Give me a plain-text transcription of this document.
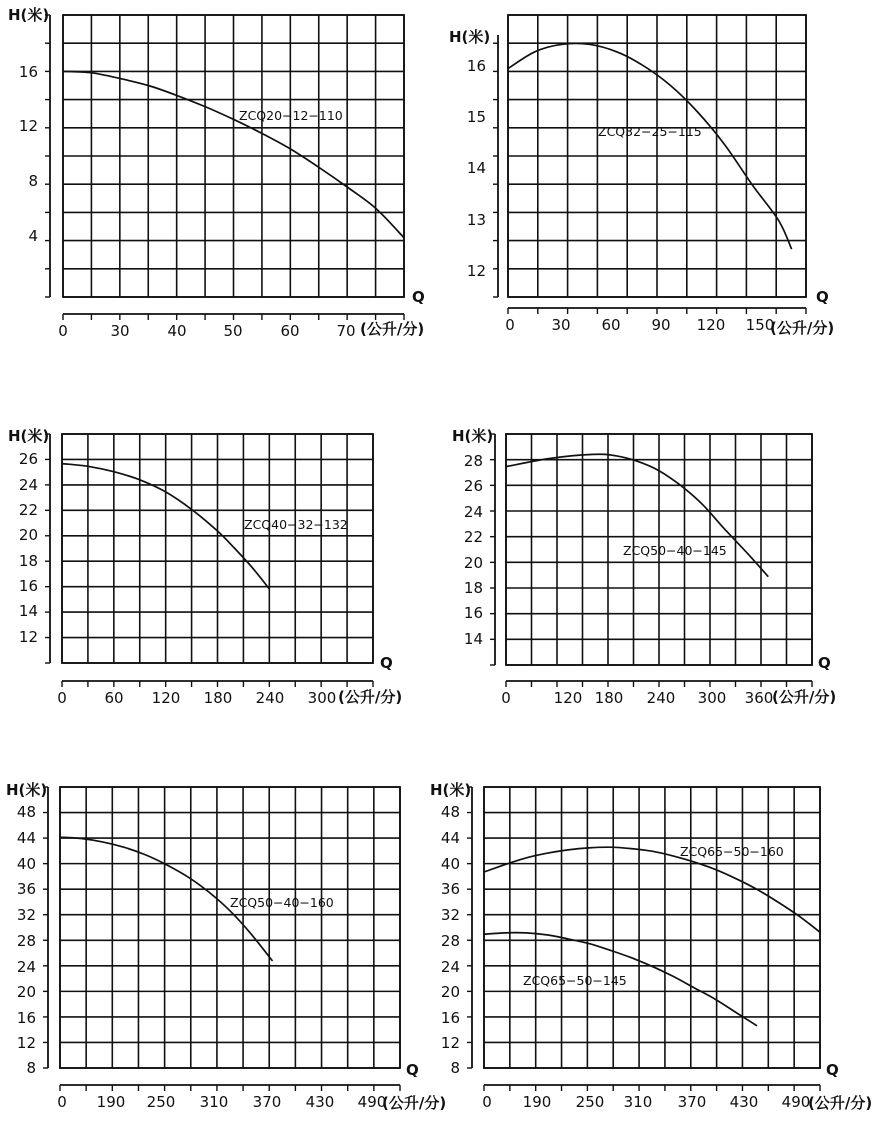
16
12
8
4
0	30	40 50	60 70
H(米)
Q
(公升/分)
ZCQ20−12−110
16
15
14
13
12
0 30 60 90 120 150
H(米)
Q
(公升/分)
ZCQ32−25−115
26
24
22
20
18
16
14
12
0	60 120 180 240 300
H(米)
Q
(公升/分)
ZCQ40−32−132
28
26
24
22
20
18
16
14
0	120 180 240 300 360
H(米)
Q
(公升/分)
ZCQ50−40−145
48
44
40
36
32
28
24
20
16
12
8
0 190 250 310 370 430 490
H(米)
Q
(公升/分)
ZCQ50−40−160
48
44
40
36
32
28
24
20
16
12
8
0 190 250 310 370 430 490
H(米)
Q
(公升/分)
ZCQ65−50−160
ZCQ65−50−145
